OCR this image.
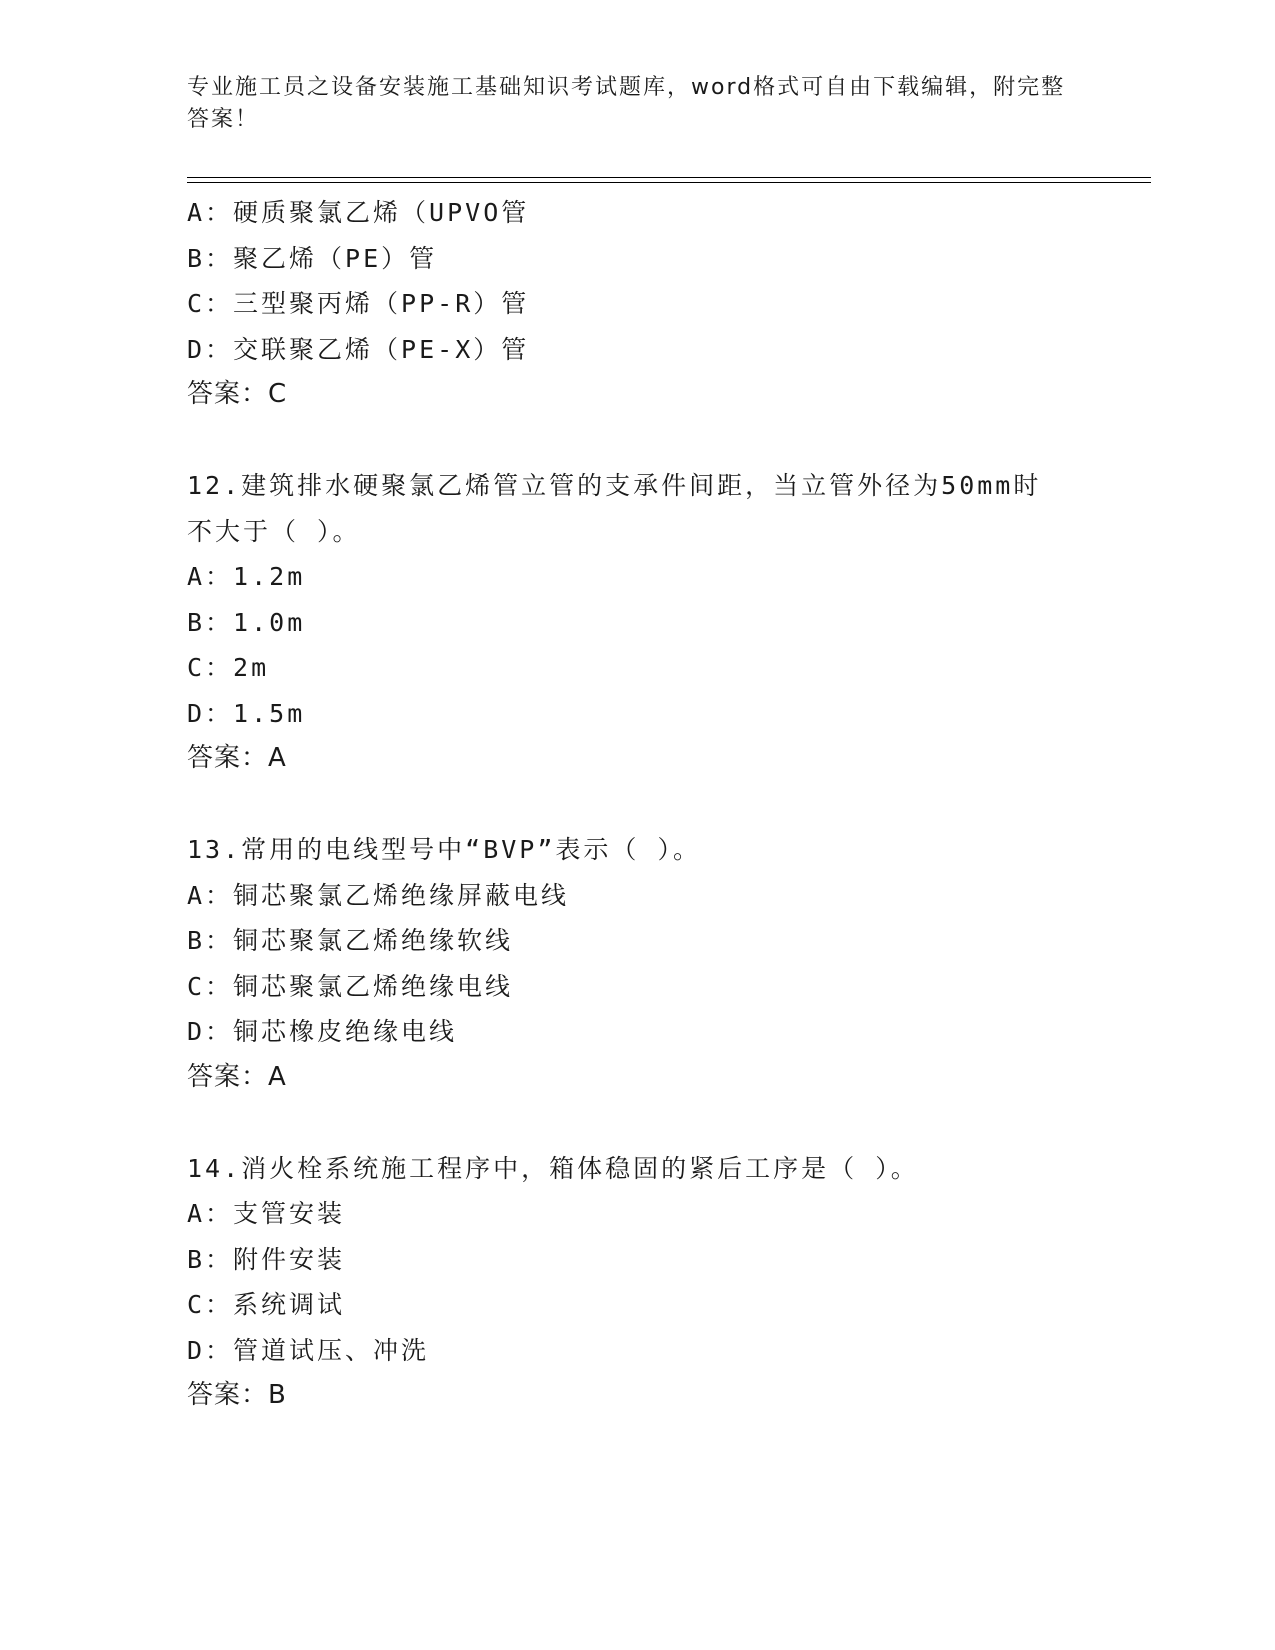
专业施工员之设备安装施工基础知识考试题库，word格式可自由下载编辑，附完整答案！
A：硬质聚氯乙烯（UPVO管
B：聚乙烯（PE）管
C：三型聚丙烯（PP-R）管
D：交联聚乙烯（PE-X）管
答案：C
12.建筑排水硬聚氯乙烯管立管的支承件间距，当立管外径为50mm时
不大于（ ）。
A：1.2m
B：1.0m
C：2m
D：1.5m
答案：A
13.常用的电线型号中“BVP”表示（ ）。
A：铜芯聚氯乙烯绝缘屏蔽电线
B：铜芯聚氯乙烯绝缘软线
C：铜芯聚氯乙烯绝缘电线
D：铜芯橡皮绝缘电线
答案：A
14.消火栓系统施工程序中，箱体稳固的紧后工序是（ ）。
A：支管安装
B：附件安装
C：系统调试
D：管道试压、冲洗
答案：B
